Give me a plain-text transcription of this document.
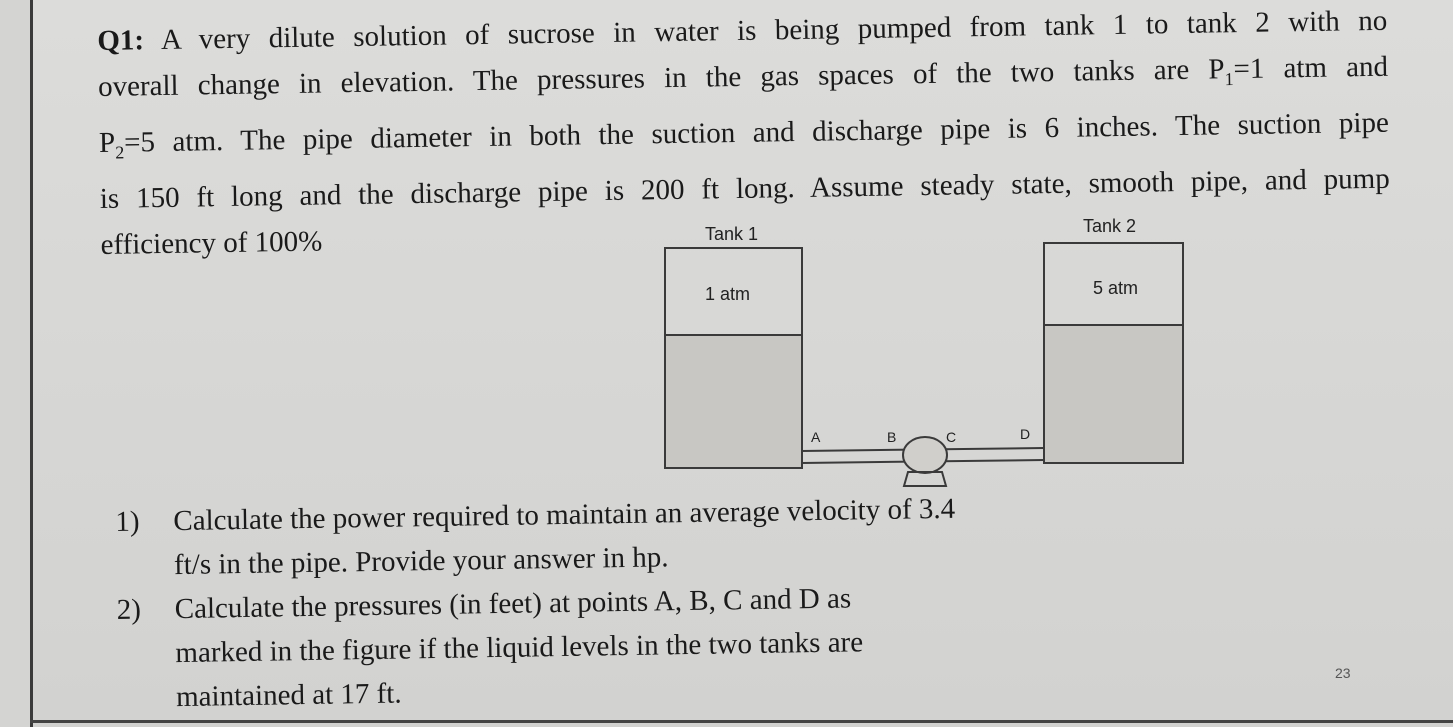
Q1: A very dilute solution of sucrose in water is being pumped from tank 1 to tank 2 with no

overall change in elevation. The pressures in the gas spaces of the two tanks are $P_1=1$ atm and

$P_2=5$ atm. The pipe diameter in both the suction and discharge pipe is 6 inches. The suction pipe

is 150 ft long and the discharge pipe is 200 ft long. Assume steady state, smooth pipe, and pump

efficiency of 100%	Tank 1	Tank 2
1 atm	5 atm
A	B	C	D
1)	Calculate the power required to maintain an average velocity of 3.4
ft/s in the pipe. Provide your answer in hp.
2)	Calculate the pressures (in feet) at points A, B, C and D as
marked in the figure if the liquid levels in the two tanks are
maintained at 17 ft.
23
